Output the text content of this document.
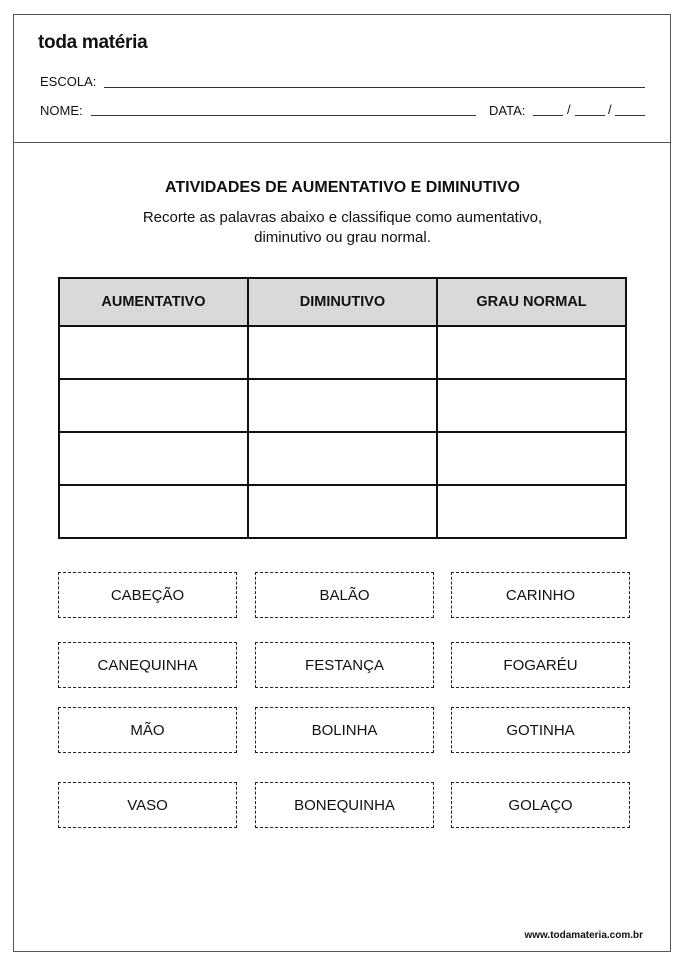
toda matéria
ESCOLA:
NOME:	DATA:	/	/
ATIVIDADES DE AUMENTATIVO E DIMINUTIVO
Recorte as palavras abaixo e classifique como aumentativo,
diminutivo ou grau normal.
AUMENTATIVO	DIMINUTIVO	GRAU NORMAL

CABEÇÃO	BALÃO	CARINHO
CANEQUINHA	FESTANÇA	FOGARÉU
MÃO	BOLINHA	GOTINHA
VASO	BONEQUINHA	GOLAÇO
www.todamateria.com.br
